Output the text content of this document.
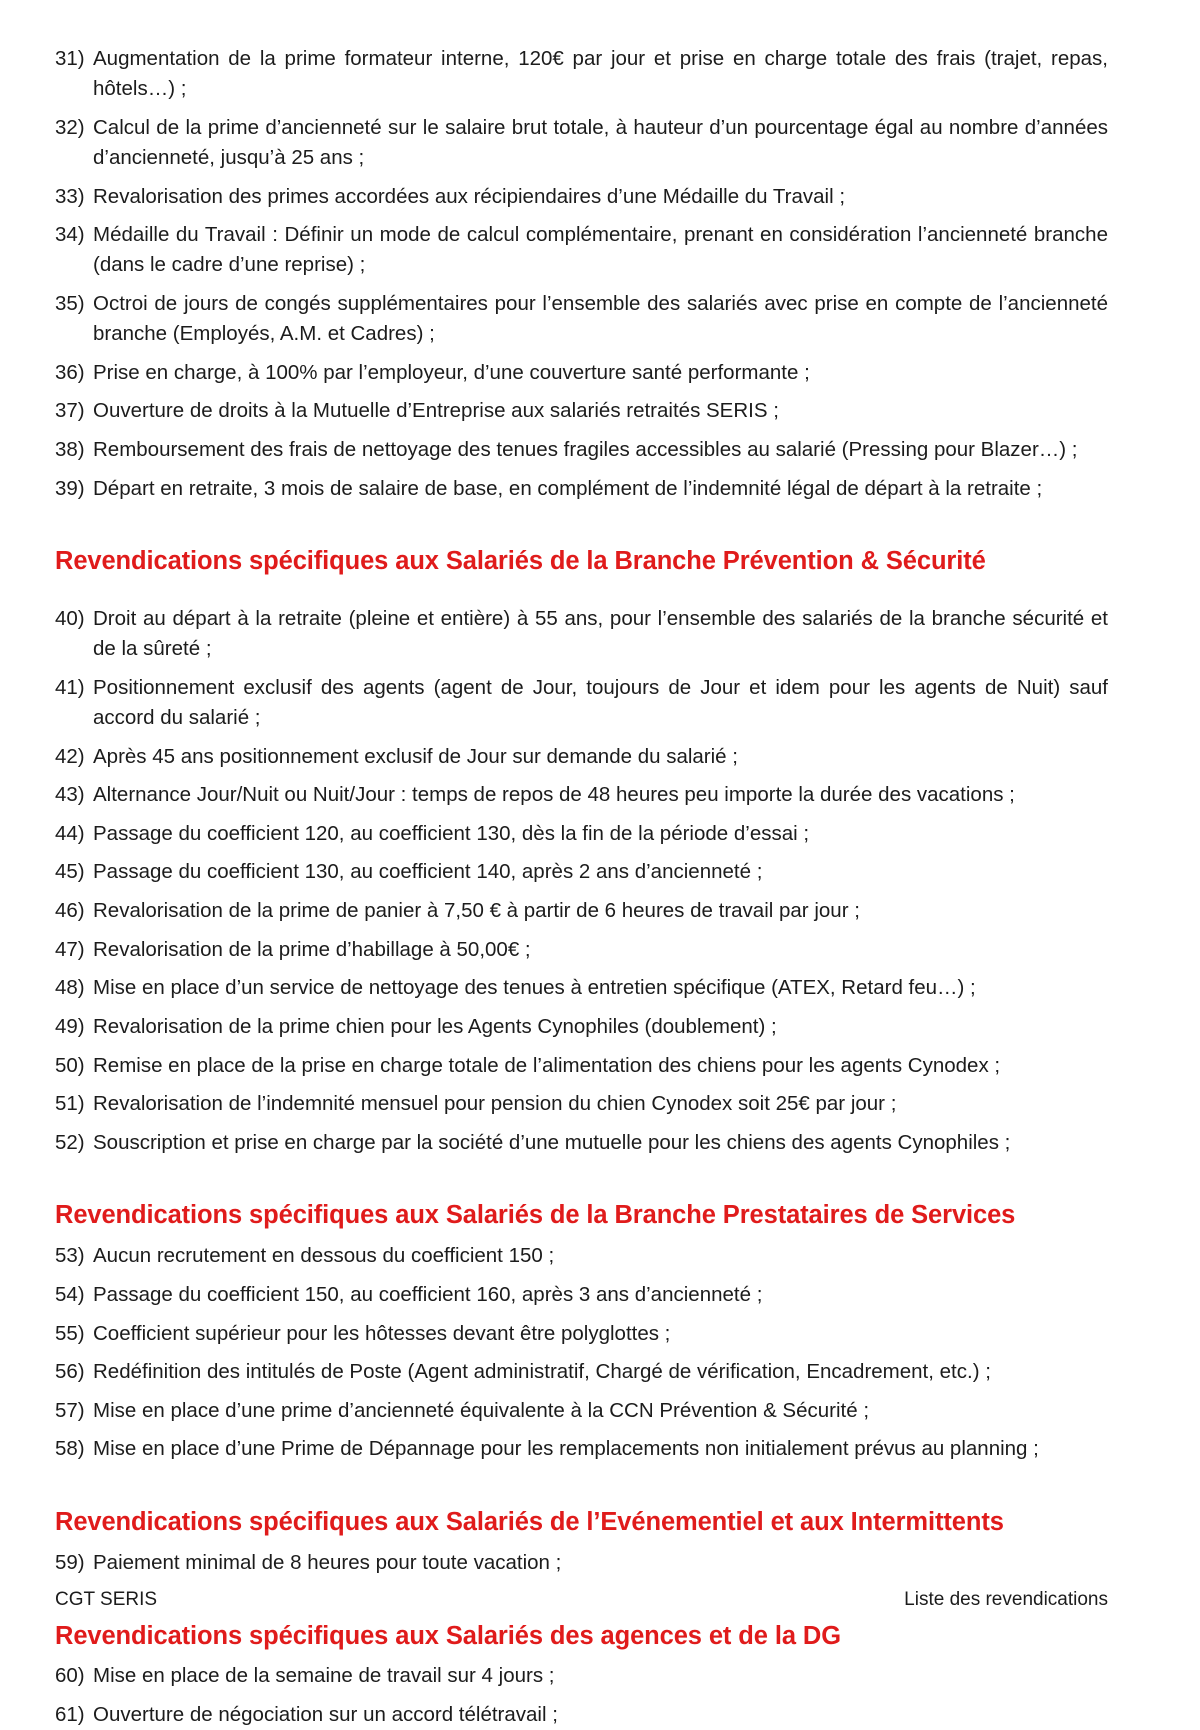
31) Augmentation de la prime formateur interne, 120€ par jour et prise en charge totale des frais (trajet, repas, hôtels…) ;
32) Calcul de la prime d’ancienneté sur le salaire brut totale, à hauteur d’un pourcentage égal au nombre d’années d’ancienneté, jusqu’à 25 ans ;
33) Revalorisation des primes accordées aux récipiendaires d’une Médaille du Travail ;
34) Médaille du Travail : Définir un mode de calcul complémentaire, prenant en considération l’ancienneté branche (dans le cadre d’une reprise) ;
35) Octroi de jours de congés supplémentaires pour l’ensemble des salariés avec prise en compte de l’ancienneté branche (Employés, A.M. et Cadres) ;
36) Prise en charge, à 100% par l’employeur, d’une couverture santé performante ;
37) Ouverture de droits à la Mutuelle d’Entreprise aux salariés retraités SERIS ;
38) Remboursement des frais de nettoyage des tenues fragiles accessibles au salarié (Pressing pour Blazer…) ;
39) Départ en retraite, 3 mois de salaire de base, en complément de l’indemnité légal de départ à la retraite ;
Revendications spécifiques aux Salariés de la Branche Prévention & Sécurité
40) Droit au départ à la retraite (pleine et entière) à 55 ans, pour l’ensemble des salariés de la branche sécurité et de la sûreté ;
41) Positionnement exclusif des agents (agent de Jour, toujours de Jour et idem pour les agents de Nuit) sauf accord du salarié ;
42) Après 45 ans positionnement exclusif de Jour sur demande du salarié ;
43) Alternance Jour/Nuit ou Nuit/Jour : temps de repos de 48 heures peu importe la durée des vacations ;
44) Passage du coefficient 120, au coefficient 130, dès la fin de la période d’essai ;
45) Passage du coefficient 130, au coefficient 140, après 2 ans d’ancienneté ;
46) Revalorisation de la prime de panier à 7,50 € à partir de 6 heures de travail par jour ;
47) Revalorisation de la prime d’habillage à 50,00€ ;
48) Mise en place d’un service de nettoyage des tenues à entretien spécifique (ATEX, Retard feu…) ;
49) Revalorisation de la prime chien pour les Agents Cynophiles (doublement) ;
50) Remise en place de la prise en charge totale de l’alimentation des chiens pour les agents Cynodex ;
51) Revalorisation de l’indemnité mensuel pour pension du chien Cynodex soit 25€ par jour ;
52) Souscription et prise en charge par la société d’une mutuelle pour les chiens des agents Cynophiles ;
Revendications spécifiques aux Salariés de la Branche Prestataires de Services
53) Aucun recrutement en dessous du coefficient 150 ;
54) Passage du coefficient 150, au coefficient 160, après 3 ans d’ancienneté ;
55) Coefficient supérieur pour les hôtesses devant être polyglottes ;
56) Redéfinition des intitulés de Poste (Agent administratif, Chargé de vérification, Encadrement, etc.) ;
57) Mise en place d’une prime d’ancienneté équivalente à la CCN Prévention & Sécurité ;
58) Mise en place d’une Prime de Dépannage pour les remplacements non initialement prévus au planning ;
Revendications spécifiques aux Salariés de l’Evénementiel et aux Intermittents
59) Paiement minimal de 8 heures pour toute vacation ;
Revendications spécifiques aux Salariés des agences et de la DG
60) Mise en place de la semaine de travail sur 4 jours ;
61) Ouverture de négociation sur un accord télétravail ;
CGT SERIS	Liste des revendications
